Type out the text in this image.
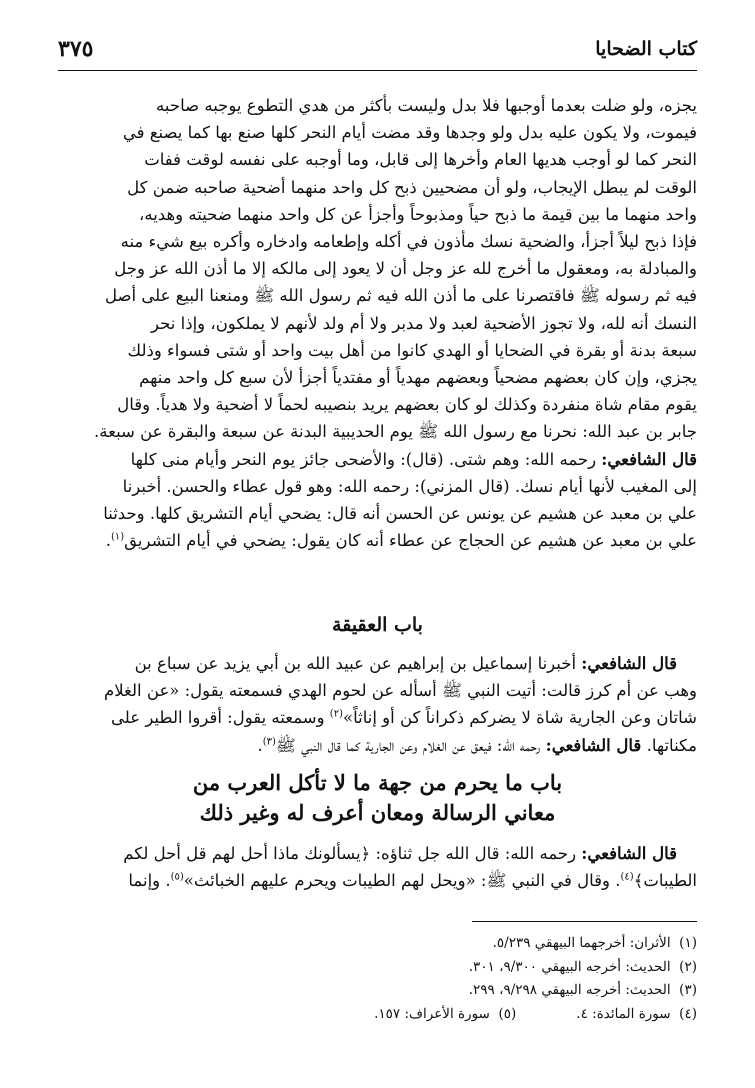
كتاب الضحايا
٣٧٥

يجزه، ولو ضلت بعدما أوجبها فلا بدل وليست بأكثر من هدي التطوع يوجبه صاحبه

فيموت، ولا يكون عليه بدل ولو وجدها وقد مضت أيام النحر كلها صنع بها كما يصنع في

النحر كما لو أوجب هديها العام وأخرها إلى قابل، وما أوجبه على نفسه لوقت ففات

الوقت لم يبطل الإيجاب، ولو أن مضحيين ذبح كل واحد منهما أضحية صاحبه ضمن كل

واحد منهما ما بين قيمة ما ذبح حياً ومذبوحاً وأجزأ عن كل واحد منهما ضحيته وهديه،

فإذا ذبح ليلاً أجزأ، والضحية نسك مأذون في أكله وإطعامه وادخاره وأكره بيع شيء منه

والمبادلة به، ومعقول ما أخرج لله عز وجل أن لا يعود إلى مالكه إلا ما أذن الله عز وجل

فيه ثم رسوله ﷺ فاقتصرنا على ما أذن الله فيه ثم رسول الله ﷺ ومنعنا البيع على أصل

النسك أنه لله، ولا تجوز الأضحية لعبد ولا مدبر ولا أم ولد لأنهم لا يملكون، وإذا نحر

سبعة بدنة أو بقرة في الضحايا أو الهدي كانوا من أهل بيت واحد أو شتى فسواء وذلك

يجزي، وإن كان بعضهم مضحياً وبعضهم مهدياً أو مفتدياً أجزأ لأن سبع كل واحد منهم

يقوم مقام شاة منفردة وكذلك لو كان بعضهم يريد بنصيبه لحماً لا أضحية ولا هدياً. وقال

جابر بن عبد الله: نحرنا مع رسول الله ﷺ يوم الحديبية البدنة عن سبعة والبقرة عن سبعة.

قال الشافعي: رحمه الله: وهم شتى. (قال): والأضحى جائز يوم النحر وأيام منى كلها

إلى المغيب لأنها أيام نسك. (قال المزني): رحمه الله: وهو قول عطاء والحسن. أخبرنا

علي بن معبد عن هشيم عن يونس عن الحسن أنه قال: يضحي أيام التشريق كلها. وحدثنا

علي بن معبد عن هشيم عن الحجاج عن عطاء أنه كان يقول: يضحي في أيام التشريق$^{(١)}$.

باب العقيقة

قال الشافعي: أخبرنا إسماعيل بن إبراهيم عن عبيد الله بن أبي يزيد عن سباع بن

وهب عن أم كرز قالت: أتيت النبي ﷺ أسأله عن لحوم الهدي فسمعته يقول: «عن الغلام

شاتان وعن الجارية شاة لا يضركم ذكراناً كن أو إناثاً»$^{(٢)}$ وسمعته يقول: أقروا الطير على

مكناتها. قال الشافعي: رحمه الله: فيعق عن الغلام وعن الجارية كما قال النبي ﷺ$^{(٣)}$.

باب ما يحرم من جهة ما لا تأكل العرب من
معاني الرسالة ومعان أعرف له وغير ذلك

قال الشافعي: رحمه الله: قال الله جل ثناؤه: ﴿يسألونك ماذا أحل لهم قل أحل لكم

الطيبات﴾$^{(٤)}$. وقال في النبي ﷺ: «ويحل لهم الطيبات ويحرم عليهم الخبائث»$^{(٥)}$. وإنما

(١)  الأثران: أخرجهما البيهقي ٥/٢٣٩.
(٢)  الحديث: أخرجه البيهقي ٩/٣٠٠، ٣٠١.
(٣)  الحديث: أخرجه البيهقي ٩/٢٩٨، ٢٩٩.
(٤)  سورة المائدة: ٤.(٥)  سورة الأعراف: ١٥٧.
